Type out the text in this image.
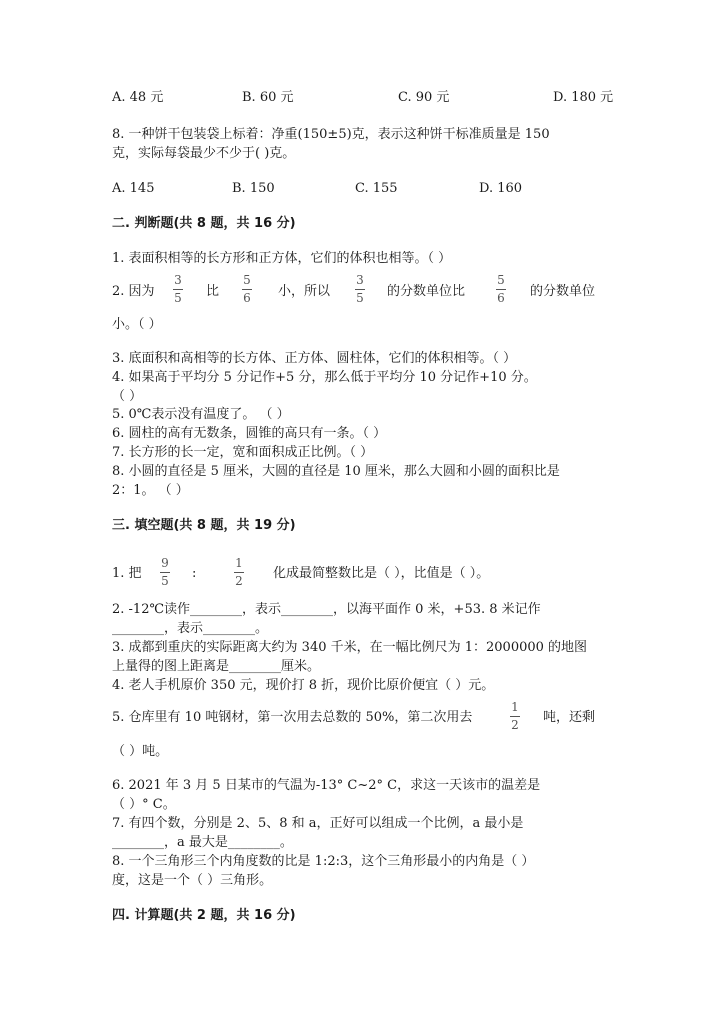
A. 48 元	B. 60 元	C. 90 元	D. 180 元
8. 一种饼干包装袋上标着：净重(150±5)克，表示这种饼干标准质量是 150
克，实际每袋最少不少于( )克。
A. 145	B. 150	C. 155	D. 160
二. 判断题(共 8 题，共 16 分)
1. 表面积相等的长方形和正方体，它们的体积也相等。（ ）
2. 因为
3
5 比
5
6 小，所以
3
5 的分数单位比
5
6 的分数单位
小。（ ）
3. 底面积和高相等的长方体、正方体、圆柱体，它们的体积相等。（ ）
4. 如果高于平均分 5 分记作+5 分，那么低于平均分 10 分记作+10 分。
（ ）
5. 0℃表示没有温度了。 （ ）
6. 圆柱的高有无数条，圆锥的高只有一条。（ ）
7. 长方形的长一定，宽和面积成正比例。（ ）
8. 小圆的直径是 5 厘米，大圆的直径是 10 厘米，那么大圆和小圆的面积比是
2：1。 （ ）
三. 填空题(共 8 题，共 19 分)
1. 把
9
5 :
1
2 化成最简整数比是（ ），比值是（ ）。
2. -12℃读作________，表示________，以海平面作 0 米，+53. 8 米记作
________，表示________。
3. 成都到重庆的实际距离大约为 340 千米，在一幅比例尺为 1：2000000 的地图
上量得的图上距离是________厘米。
4. 老人手机原价 350 元，现价打 8 折，现价比原价便宜（ ）元。
5. 仓库里有 10 吨钢材，第一次用去总数的 50%，第二次用去
1
2 吨，还剩
（ ）吨。
6. 2021 年 3 月 5 日某市的气温为-13° C~2° C，求这一天该市的温差是
（ ）° C。
7. 有四个数，分别是 2、5、8 和 a，正好可以组成一个比例，a 最小是
________，a 最大是________。
8. 一个三角形三个内角度数的比是 1:2:3，这个三角形最小的内角是（ ）
度，这是一个（ ）三角形。
四. 计算题(共 2 题，共 16 分)
